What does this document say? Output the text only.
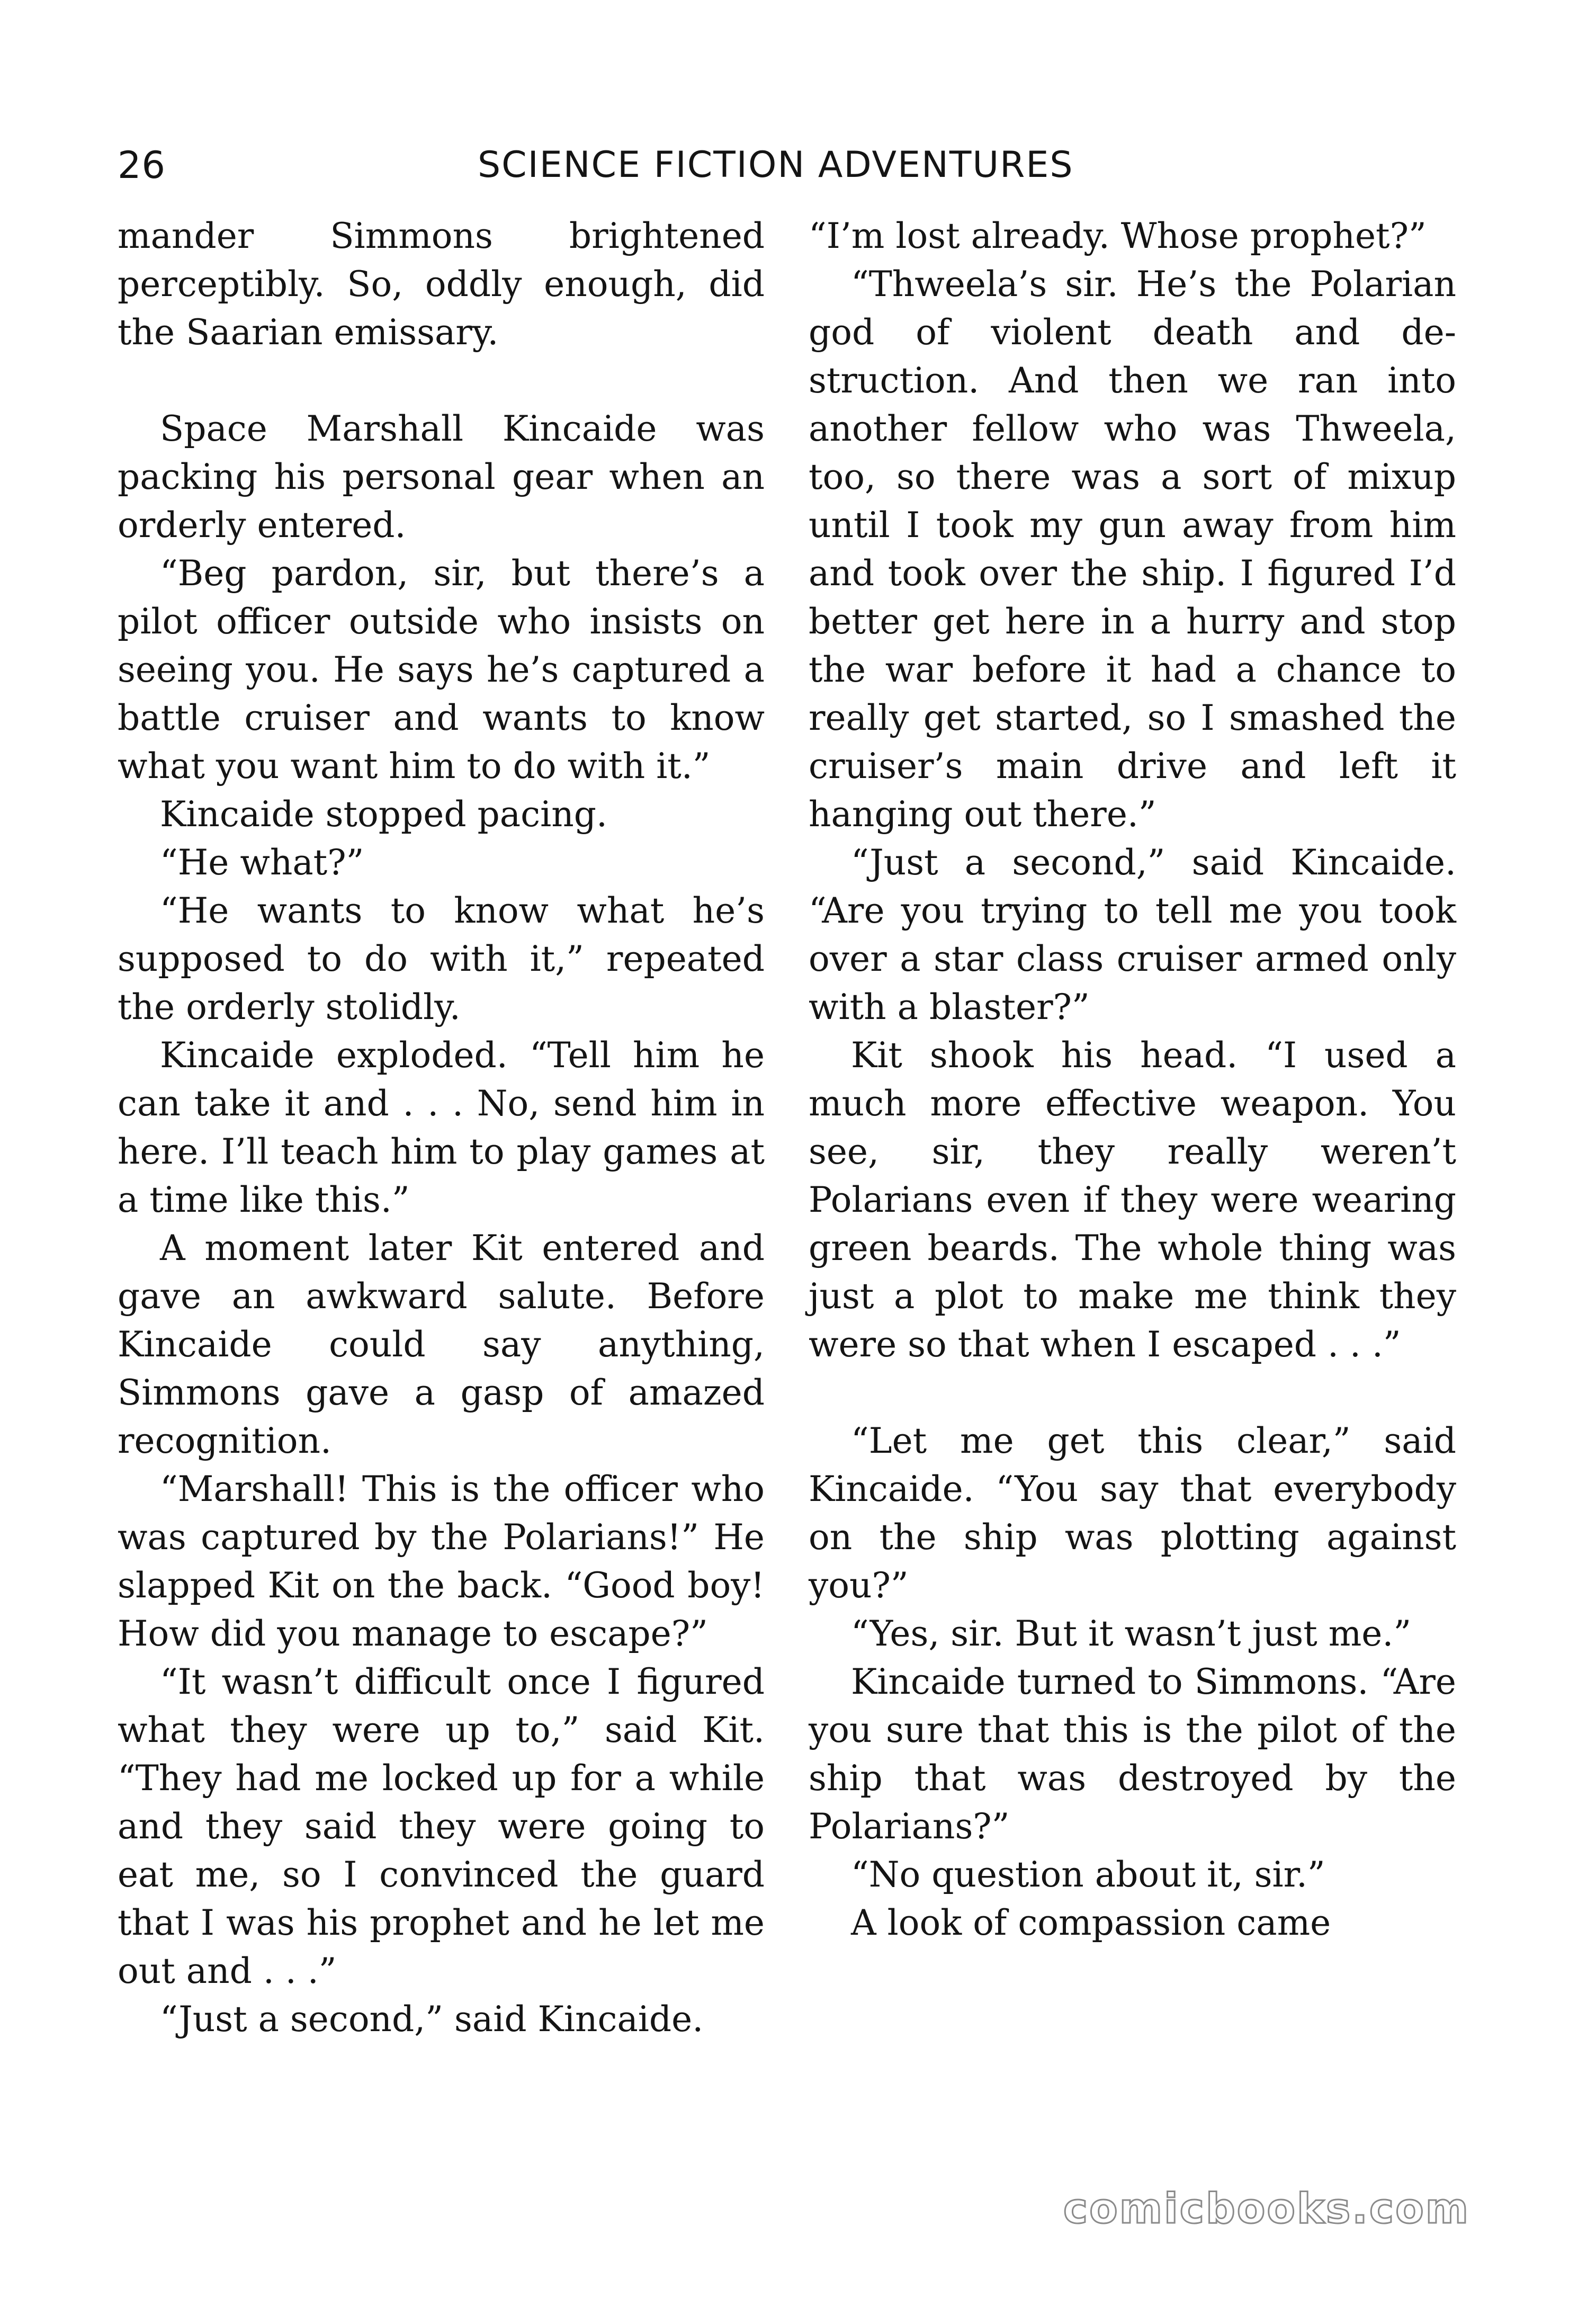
26	SCIENCE FICTION ADVENTURES

mander Simmons brightened perceptibly. So, oddly enough, did the Saarian emissary.

Space Marshall Kincaide was packing his personal gear when an orderly entered.

“Beg pardon, sir, but there’s a pilot officer outside who insists on seeing you. He says he’s captured a battle cruiser and wants to know what you want him to do with it.”

Kincaide stopped pacing.

“He what?”

“He wants to know what he’s supposed to do with it,” repeated the orderly stolidly.

Kincaide exploded. “Tell him he can take it and . . . No, send him in here. I’ll teach him to play games at a time like this.”

A moment later Kit entered and gave an awkward salute. Before Kincaide could say anything, Simmons gave a gasp of amazed recognition.

“Marshall! This is the officer who was captured by the Polarians!” He slapped Kit on the back. “Good boy! How did you manage to escape?”

“It wasn’t difficult once I figured what they were up to,” said Kit. “They had me locked up for a while and they said they were going to eat me, so I convinced the guard that I was his prophet and he let me out and . . .”

“Just a second,” said Kincaide.

“I’m lost already. Whose prophet?”

“Thweela’s sir. He’s the Polarian god of violent death and destruction. And then we ran into another fellow who was Thweela, too, so there was a sort of mixup until I took my gun away from him and took over the ship. I figured I’d better get here in a hurry and stop the war before it had a chance to really get started, so I smashed the cruiser’s main drive and left it hanging out there.”

“Just a second,” said Kincaide. “Are you trying to tell me you took over a star class cruiser armed only with a blaster?”

Kit shook his head. “I used a much more effective weapon. You see, sir, they really weren’t Polarians even if they were wearing green beards. The whole thing was just a plot to make me think they were so that when I escaped . . .”

“Let me get this clear,” said Kincaide. “You say that everybody on the ship was plotting against you?”

“Yes, sir. But it wasn’t just me.”

Kincaide turned to Simmons. “Are you sure that this is the pilot of the ship that was destroyed by the Polarians?”

“No question about it, sir.”

A look of compassion came

comicbooks.com
